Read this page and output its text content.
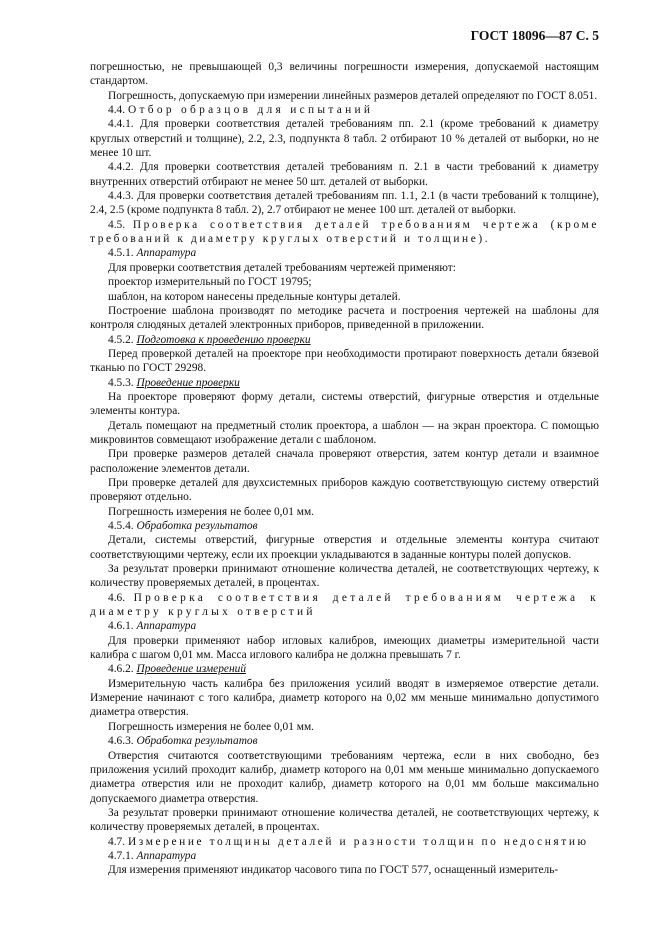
ГОСТ 18096—87 С. 5

погрешностью, не превышающей 0,3 величины погрешности измерения, допускаемой настоящим стандартом.

Погрешность, допускаемую при измерении линейных размеров деталей определяют по ГОСТ 8.051.

4.4. Отбор образцов для испытаний

4.4.1. Для проверки соответствия деталей требованиям пп. 2.1 (кроме требований к диаметру круглых отверстий и толщине), 2.2, 2.3, подпункта 8 табл. 2 отбирают 10 % деталей от выборки, но не менее 10 шт.

4.4.2. Для проверки соответствия деталей требованиям п. 2.1 в части требований к диаметру внутренних отверстий отбирают не менее 50 шт. деталей от выборки.

4.4.3. Для проверки соответствия деталей требованиям пп. 1.1, 2.1 (в части требований к толщине), 2.4, 2.5 (кроме подпункта 8 табл. 2), 2.7 отбирают не менее 100 шт. деталей от выборки.

4.5. Проверка соответствия деталей требованиям чертежа (кроме требований к диаметру круглых отверстий и толщине).

4.5.1. Аппаратура

Для проверки соответствия деталей требованиям чертежей применяют:

проектор измерительный по ГОСТ 19795;

шаблон, на котором нанесены предельные контуры деталей.

Построение шаблона производят по методике расчета и построения чертежей на шаблоны для контроля слюдяных деталей электронных приборов, приведенной в приложении.

4.5.2. Подготовка к проведению проверки

Перед проверкой деталей на проекторе при необходимости протирают поверхность детали бязевой тканью по ГОСТ 29298.

4.5.3. Проведение проверки

На проекторе проверяют форму детали, системы отверстий, фигурные отверстия и отдельные элементы контура.

Деталь помещают на предметный столик проектора, а шаблон — на экран проектора. С помощью микровинтов совмещают изображение детали с шаблоном.

При проверке размеров деталей сначала проверяют отверстия, затем контур детали и взаимное расположение элементов детали.

При проверке деталей для двухсистемных приборов каждую соответствующую систему отверстий проверяют отдельно.

Погрешность измерения не более 0,01 мм.

4.5.4. Обработка результатов

Детали, системы отверстий, фигурные отверстия и отдельные элементы контура считают соответствующими чертежу, если их проекции укладываются в заданные контуры полей допусков.

За результат проверки принимают отношение количества деталей, не соответствующих чертежу, к количеству проверяемых деталей, в процентах.

4.6. Проверка соответствия деталей требованиям чертежа к диаметру круглых отверстий

4.6.1. Аппаратура

Для проверки применяют набор игловых калибров, имеющих диаметры измерительной части калибра с шагом 0,01 мм. Масса иглового калибра не должна превышать 7 г.

4.6.2. Проведение измерений

Измерительную часть калибра без приложения усилий вводят в измеряемое отверстие детали. Измерение начинают с того калибра, диаметр которого на 0,02 мм меньше минимально допустимого диаметра отверстия.

Погрешность измерения не более 0,01 мм.

4.6.3. Обработка результатов

Отверстия считаются соответствующими требованиям чертежа, если в них свободно, без приложения усилий проходит калибр, диаметр которого на 0,01 мм меньше минимально допускаемого диаметра отверстия или не проходит калибр, диаметр которого на 0,01 мм больше максимально допускаемого диаметра отверстия.

За результат проверки принимают отношение количества деталей, не соответствующих чертежу, к количеству проверяемых деталей, в процентах.

4.7. Измерение толщины деталей и разности толщин по недоснятию

4.7.1. Аппаратура

Для измерения применяют индикатор часового типа по ГОСТ 577, оснащенный измеритель-
